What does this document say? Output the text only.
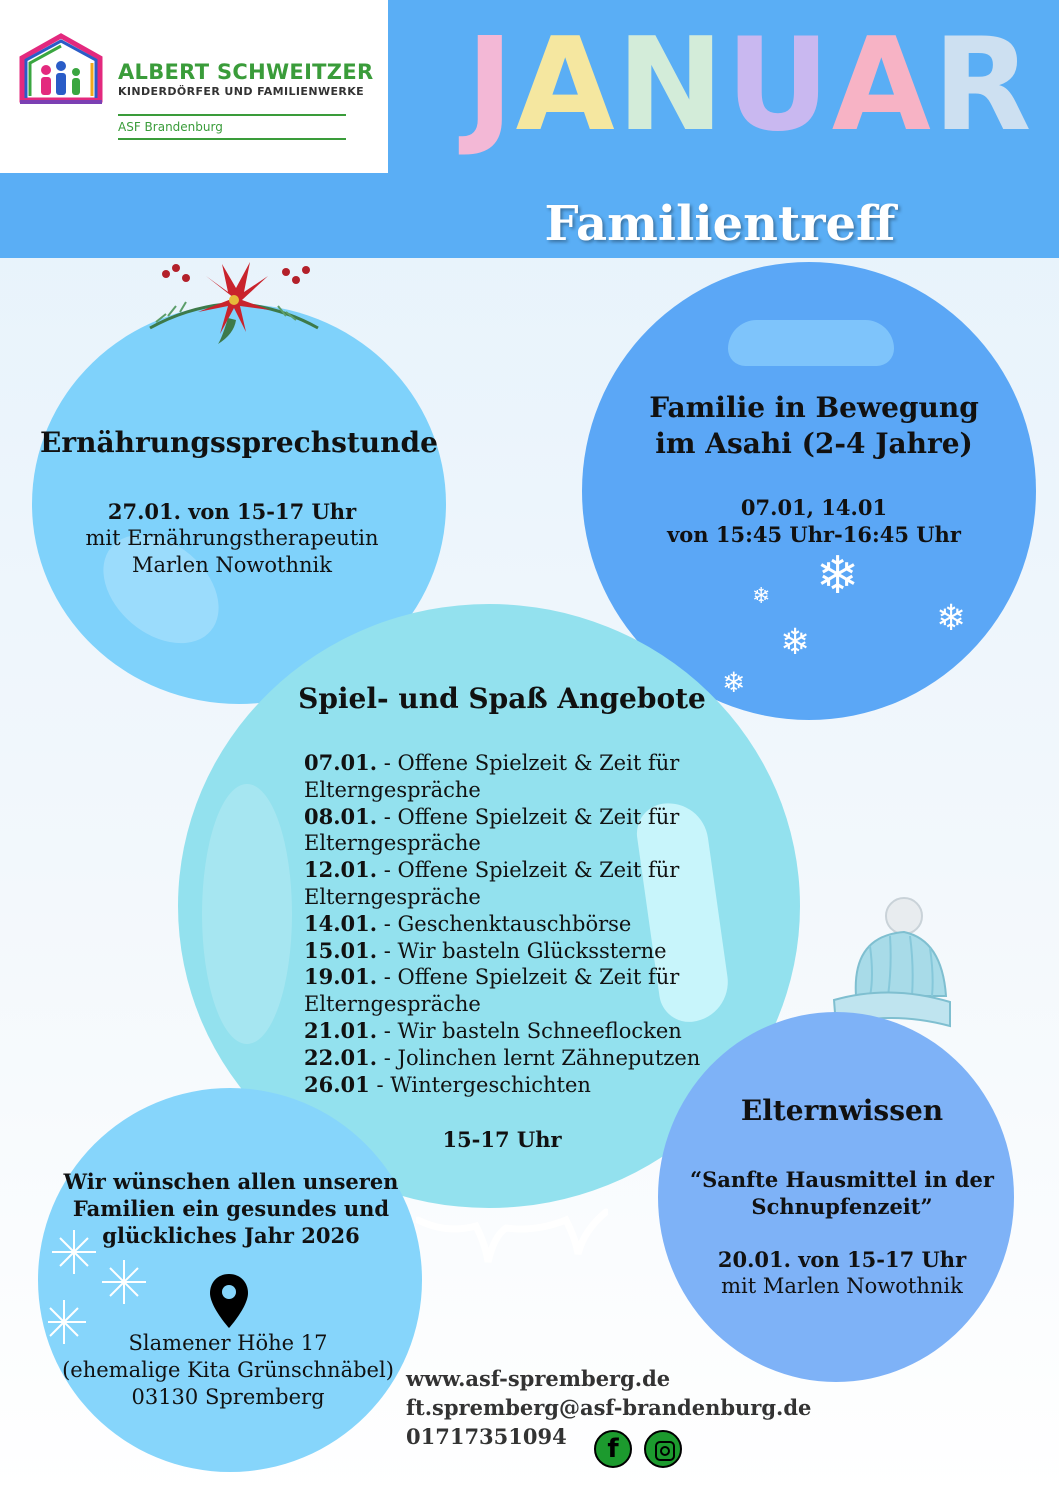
ALBERT SCHWEITZER
KINDERDÖRFER UND FAMILIENWERKE
ASF Brandenburg JANUAR
Familientreff
Ernährungssprechstunde
27.01. von 15-17 Uhr
mit Ernährungstherapeutin
Marlen Nowothnik
Familie in Bewegung
im Asahi (2-4 Jahre)
07.01, 14.01
von 15:45 Uhr-16:45 Uhr
❄
❄
❄
❄
❄
Spiel- und Spaß Angebote
07.01. - Offene Spielzeit & Zeit für
Elterngespräche
08.01. - Offene Spielzeit & Zeit für
Elterngespräche
12.01. - Offene Spielzeit & Zeit für
Elterngespräche
14.01. - Geschenktauschbörse
15.01. - Wir basteln Glückssterne
19.01. - Offene Spielzeit & Zeit für
Elterngespräche
21.01. - Wir basteln Schneeflocken
22.01. - Jolinchen lernt Zähneputzen
26.01 - Wintergeschichten
15-17 Uhr
Elternwissen
“Sanfte Hausmittel in der
Schnupfenzeit”
20.01. von 15-17 Uhr
mit Marlen Nowothnik
Wir wünschen allen unseren
Familien ein gesundes und
glückliches Jahr 2026
Slamener Höhe 17
(ehemalige Kita Grünschnäbel)
03130 Spremberg
www.asf-spremberg.de
ft.spremberg@asf-brandenburg.de
01717351094	f
